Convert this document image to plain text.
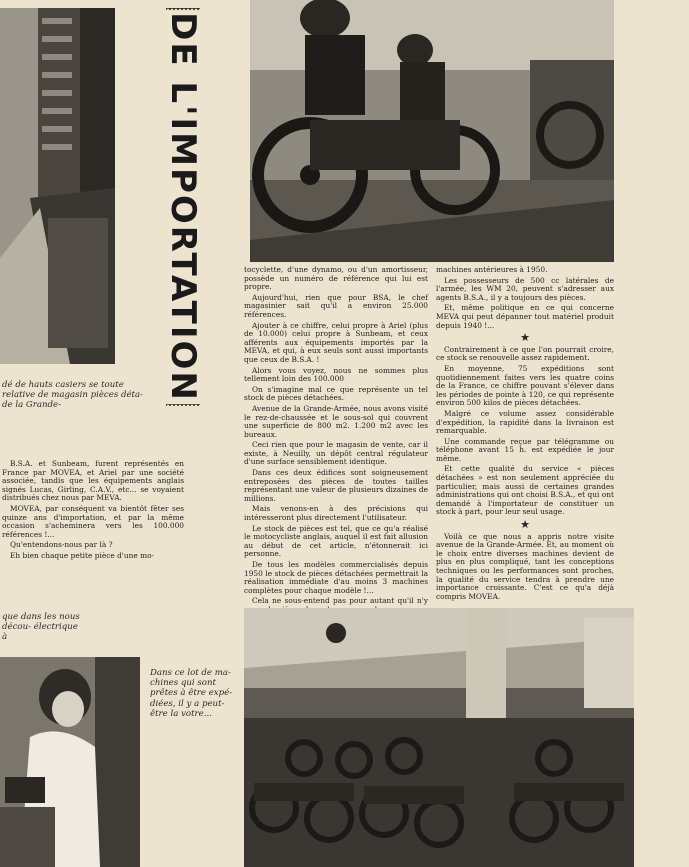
DE L'IMPORTATION
dé de hauts casiers se toute relative de magasin pièces déta- de la Grande-

B.S.A. et Sunbeam, furent représentés en France par MOVEA, et Ariel par une société associée, tandis que les équipements anglais signés Lucas, Girling, C.A.V., etc... se voyaient distribués chez nous par MEVA.

MOVEA, par conséquent va bientôt fêter ses quinze ans d'importation, et par la même occasion s'acheminera vers les 100.000 références !...

Qu'entendons-nous par là ?

Eh bien chaque petite pièce d'une mo-

que dans les nous décou- électrique à
Dans ce lot de ma- chines qui sont prêtes à être expé- diées, il y a peut- être la votre...

tocyclette, d'une dynamo, ou d'un amortisseur, possède un numéro de référence qui lui est propre.

Aujourd'hui, rien que pour BSA, le chef magasinier sait qu'il a environ 25.000 références.

Ajouter à ce chiffre, celui propre à Ariel (plus de 10.000) celui propre à Sunbeam, et ceux afférents aux équipements importés par la MEVA, et qui, à eux seuls sont aussi importants que ceux de B.S.A. !

Alors vous voyez, nous ne sommes plus tellement loin des 100.000

On s'imagine mal ce que représente un tel stock de pièces détachées.

Avenue de la Grande-Armée, nous avons visité le rez-de-chaussée et le sous-sol qui couvrent une superficie de 800 m2. 1.200 m2 avec les bureaux.

Ceci rien que pour le magasin de vente, car il existe, à Neuilly, un dépôt central régulateur d'une surface sensiblement identique.

Dans ces deux édifices sont soigneusement entreposées des pièces de toutes tailles représentant une valeur de plusieurs dizaines de millions.

Mais venons-en à des précisions qui intéresseront plus directement l'utilisateur.

Le stock de pièces est tel, que ce qu'a réalisé le motocycliste anglais, auquel il est fait allusion au début de cet article, n'étonnerait ici personne.

De tous les modèles commercialisés depuis 1950 le stock de pièces détachées permettrait la réalisation immédiate d'au moins 3 machines complètes pour chaque modèle !...

Cela ne sous-entend pas pour autant qu'il n'y

machines antérieures à 1950.

Les possesseurs de 500 cc latérales de l'armée, les WM 20, peuvent s'adresser aux agents B.S.A., il y a toujours des pièces.

Et, même politique en ce qui concerne MEVA qui peut dépanner tout matériel produit depuis 1940 !...

★

Contrairement à ce que l'on pourrait croire, ce stock se renouvelle assez rapidement.

En moyenne, 75 expéditions sont quotidiennement faites vers les quatre coins de la France, ce chiffre pouvant s'élever dans les périodes de pointe à 120, ce qui représente environ 500 kilos de pièces détachées.

Malgré ce volume assez considérable d'expédition, la rapidité dans la livraison est remarquable.

Une commande reçue par télégramme ou téléphone avant 15 h. est expédiée le jour même.

Et cette qualité du service « pièces détachées » est non seulement appréciée du particulier, mais aussi de certaines grandes administrations qui ont choisi B.S.A., et qui ont demandé à l'importateur de constituer un stock à part, pour leur seul usage.

★

Voilà ce que nous a appris notre visite avenue de la Grande-Armée. Et, au moment où le choix entre diverses machines devient de plus en plus compliqué, tant les conceptions techniques ou les performances sont proches, la qualité du service tendra à prendre une importance croissante. C'est ce qu'a déjà compris MOVEA.
